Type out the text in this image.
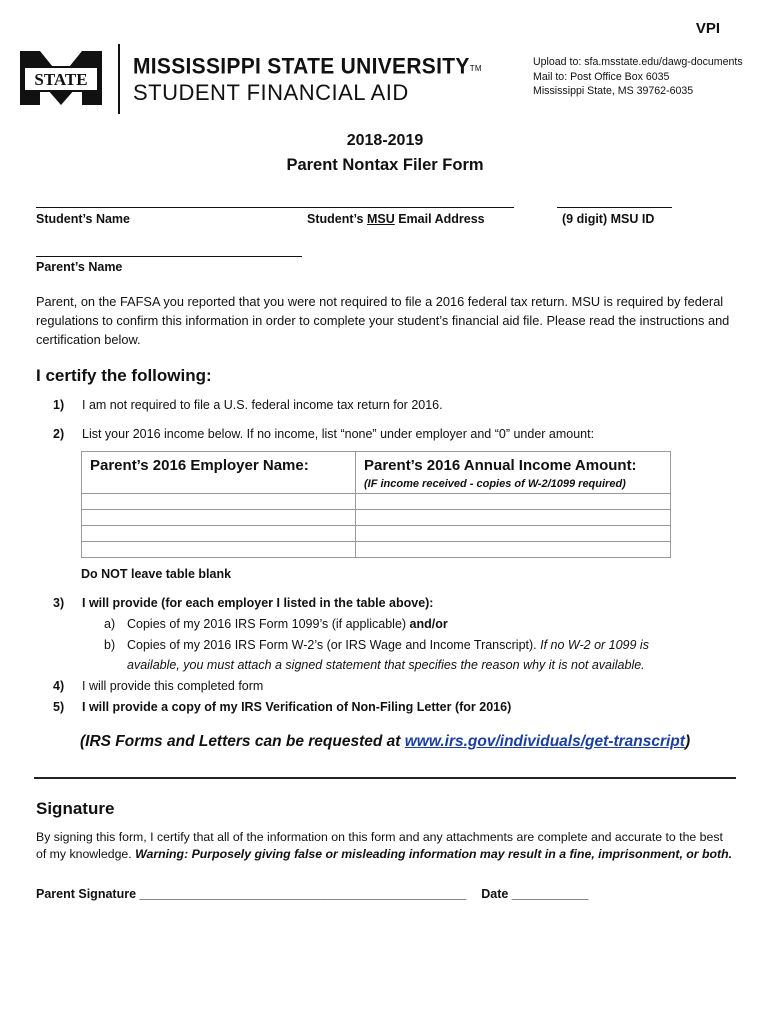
VPI
STATE
MISSISSIPPI STATE UNIVERSITY™
STUDENT FINANCIAL AID
Upload to: sfa.msstate.edu/dawg-documents
Mail to: Post Office Box 6035
Mississippi State, MS 39762-6035
2018-2019
Parent Nontax Filer Form
Student’s Name	Student’s MSU Email Address	(9 digit) MSU ID
Parent’s Name
Parent, on the FAFSA you reported that you were not required to file a 2016 federal tax return. MSU is required by federal regulations to confirm this information in order to complete your student’s financial aid file. Please read the instructions and certification below.
I certify the following:
1) I am not required to file a U.S. federal income tax return for 2016.
2) List your 2016 income below. If no income, list “none” under employer and “0” under amount:
Parent’s 2016 Employer Name:	Parent’s 2016 Annual Income Amount:
(IF income received - copies of W-2/1099 required)

Do NOT leave table blank
3) I will provide (for each employer I listed in the table above):
a) Copies of my 2016 IRS Form 1099’s (if applicable) and/or
b) Copies of my 2016 IRS Form W-2’s (or IRS Wage and Income Transcript). If no W-2 or 1099 is
available, you must attach a signed statement that specifies the reason why it is not available.
4) I will provide this completed form
5) I will provide a copy of my IRS Verification of Non-Filing Letter (for 2016)
(IRS Forms and Letters can be requested at www.irs.gov/individuals/get-transcript)
Signature
By signing this form, I certify that all of the information on this form and any attachments are complete and accurate to the best of my knowledge. Warning: Purposely giving false or misleading information may result in a fine, imprisonment, or both.
Parent Signature _______________________________________________ Date ___________
